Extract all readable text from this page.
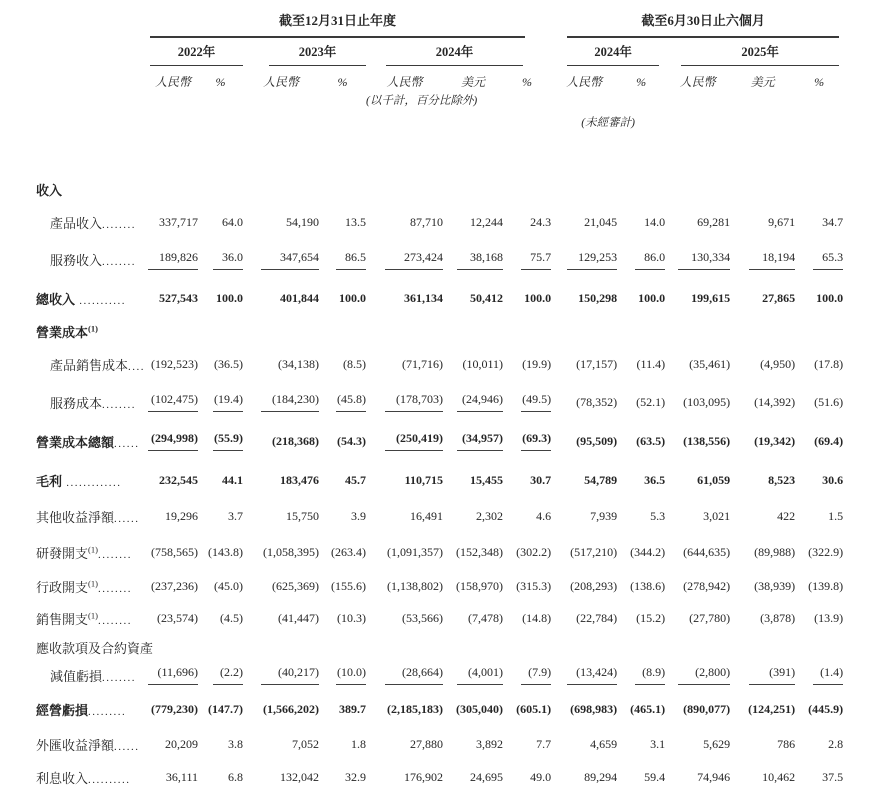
	截至12月31日止年度							截至6月30日止六個月				

	2022年		2023年		2024年			2024年		2025年		

	人民幣	%	人民幣	%	人民幣	美元	%	人民幣	%	人民幣	美元	%
					(以千計，百分比除外)							
								(未經審計)				

收入												
產品收入........	337,717	64.0	54,190	13.5	87,710	12,244	24.3	21,045	14.0	69,281	9,671	34.7
服務收入........	189,826	36.0	347,654	86.5	273,424	38,168	75.7	129,253	86.0	130,334	18,194	65.3
總收入 ...........	527,543	100.0	401,844	100.0	361,134	50,412	100.0	150,298	100.0	199,615	27,865	100.0
營業成本$^{(1)}$												
產品銷售成本....	(192,523)	(36.5)	(34,138)	(8.5)	(71,716)	(10,011)	(19.9)	(17,157)	(11.4)	(35,461)	(4,950)	(17.8)
服務成本........	(102,475)	(19.4)	(184,230)	(45.8)	(178,703)	(24,946)	(49.5)	(78,352)	(52.1)	(103,095)	(14,392)	(51.6)
營業成本總額......	(294,998)	(55.9)	(218,368)	(54.3)	(250,419)	(34,957)	(69.3)	(95,509)	(63.5)	(138,556)	(19,342)	(69.4)
毛利 .............	232,545	44.1	183,476	45.7	110,715	15,455	30.7	54,789	36.5	61,059	8,523	30.6
其他收益淨額......	19,296	3.7	15,750	3.9	16,491	2,302	4.6	7,939	5.3	3,021	422	1.5
研發開支$^{(1)}$........	(758,565)	(143.8)	(1,058,395)	(263.4)	(1,091,357)	(152,348)	(302.2)	(517,210)	(344.2)	(644,635)	(89,988)	(322.9)
行政開支$^{(1)}$........	(237,236)	(45.0)	(625,369)	(155.6)	(1,138,802)	(158,970)	(315.3)	(208,293)	(138.6)	(278,942)	(38,939)	(139.8)
銷售開支$^{(1)}$........	(23,574)	(4.5)	(41,447)	(10.3)	(53,566)	(7,478)	(14.8)	(22,784)	(15.2)	(27,780)	(3,878)	(13.9)
應收款項及合約資產												
減值虧損........	(11,696)	(2.2)	(40,217)	(10.0)	(28,664)	(4,001)	(7.9)	(13,424)	(8.9)	(2,800)	(391)	(1.4)
經營虧損.........	(779,230)	(147.7)	(1,566,202)	389.7	(2,185,183)	(305,040)	(605.1)	(698,983)	(465.1)	(890,077)	(124,251)	(445.9)
外匯收益淨額......	20,209	3.8	7,052	1.8	27,880	3,892	7.7	4,659	3.1	5,629	786	2.8
利息收入..........	36,111	6.8	132,042	32.9	176,902	24,695	49.0	89,294	59.4	74,946	10,462	37.5
